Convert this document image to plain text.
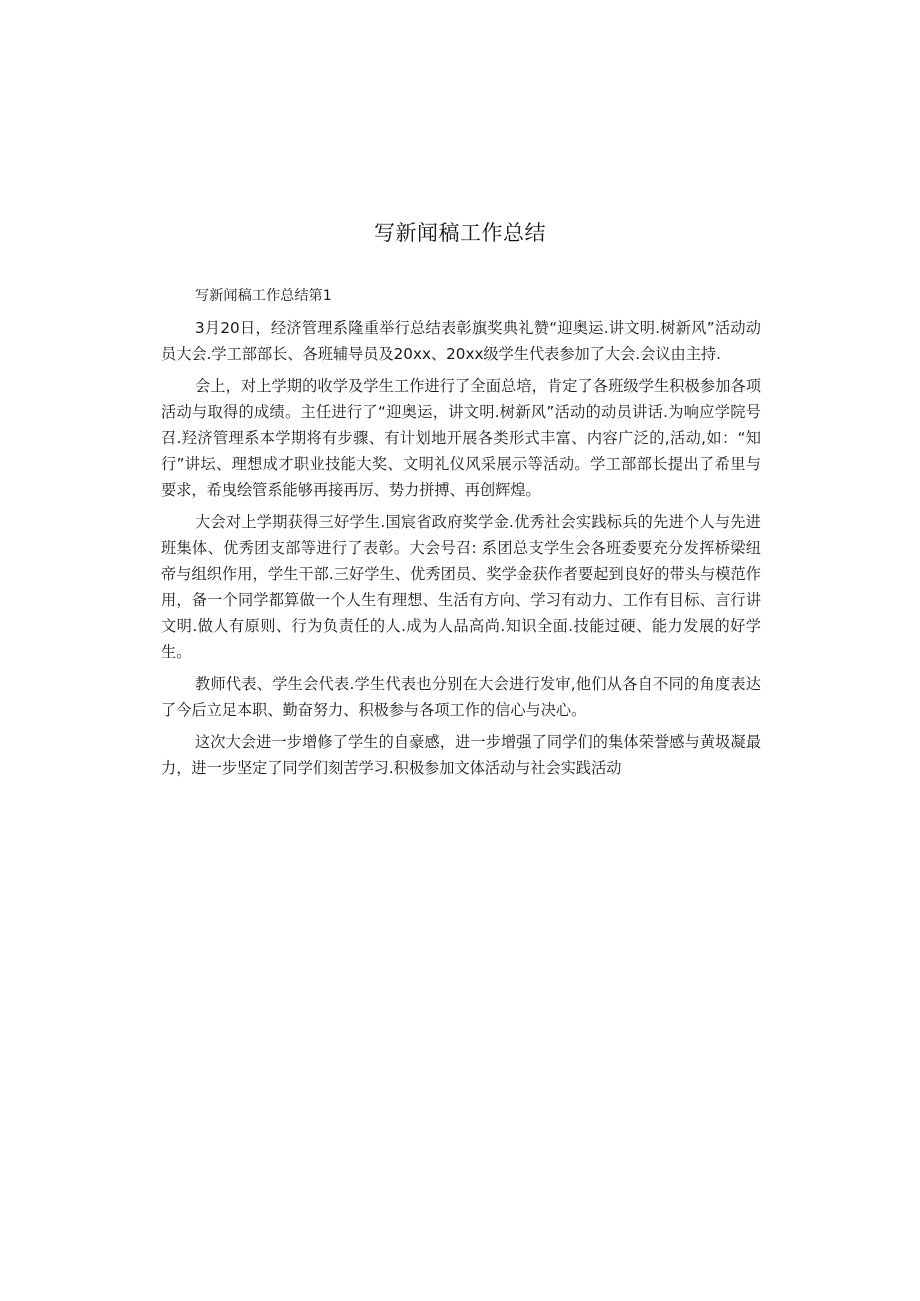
写新闻稿工作总结

写新闻稿工作总结第1

3月20日，经济管理系隆重举行总结表彰旗奖典礼赞“迎奥运.讲文明.树新风”活动动员大会.学工部部长、各班辅导员及20xx、20xx级学生代表参加了大会.会议由主持.

会上，对上学期的收学及学生工作进行了全面总培，肯定了各班级学生积极参加各项活动与取得的成绩。主任进行了“迎奥运，讲文明.树新风”活动的动员讲话.为响应学院号召.羟济管理系本学期将有步骤、有计划地开展各类形式丰富、内容广泛的,活动,如：“知行”讲坛、理想成才职业技能大奖、文明礼仪风采展示等活动。学工部部长提出了希里与要求，希曳绘管系能够再接再厉、势力拼搏、再创辉煌。

大会对上学期获得三好学生.国宸省政府奖学金.优秀社会实践标兵的先进个人与先进班集体、优秀团支部等进行了表彰。大会号召: 系团总支学生会各班委要充分发挥桥梁纽帝与组织作用，学生干部.三好学生、优秀团员、奖学金获作者要起到良好的带头与模范作用，备一个同学都算做一个人生有理想、生活有方向、学习有动力、工作有目标、言行讲文明.做人有原则、行为负责任的人.成为人品高尚.知识全面.技能过硬、能力发展的好学生。

教师代表、学生会代表.学生代表也分别在大会进行发审,他们从各自不同的角度表达了今后立足本职、勤奋努力、积极参与各项工作的信心与决心。

这次大会进一步增修了学生的自豪感，进一步增强了同学们的集体荣誉感与黄圾凝最力，进一步坚定了同学们刻苦学习.积极参加文体活动与社会实践活动
